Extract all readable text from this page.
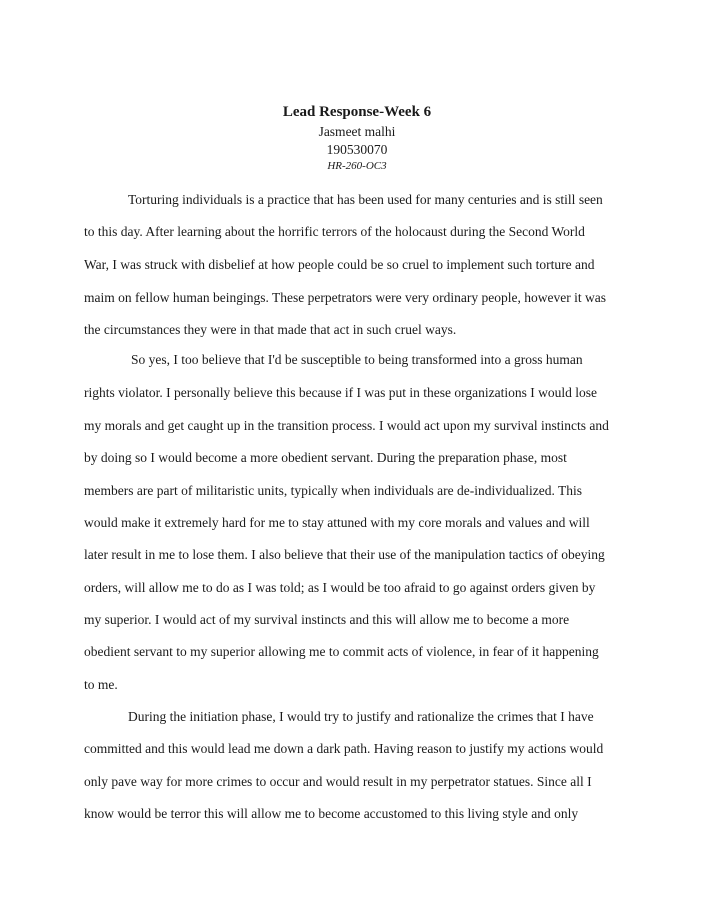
Lead Response-Week 6
Jasmeet malhi
190530070
HR-260-OC3
Torturing individuals is a practice that has been used for many centuries and is still seen
to this day. After learning about the horrific terrors of the holocaust during the Second World
War, I was struck with disbelief at how people could be so cruel to implement such torture and
maim on fellow human beingings. These perpetrators were very ordinary people, however it was
the circumstances they were in that made that act in such cruel ways.
So yes, I too believe that I'd be susceptible to being transformed into a gross human
rights violator. I personally believe this because if I was put in these organizations I would lose
my morals and get caught up in the transition process. I would act upon my survival instincts and
by doing so I would become a more obedient servant. During the preparation phase, most
members are part of militaristic units, typically when individuals are de-individualized. This
would make it extremely hard for me to stay attuned with my core morals and values and will
later result in me to lose them. I also believe that their use of the manipulation tactics of obeying
orders, will allow me to do as I was told; as I would be too afraid to go against orders given by
my superior. I would act of my survival instincts and this will allow me to become a more
obedient servant to my superior allowing me to commit acts of violence, in fear of it happening
to me.
During the initiation phase, I would try to justify and rationalize the crimes that I have
committed and this would lead me down a dark path. Having reason to justify my actions would
only pave way for more crimes to occur and would result in my perpetrator statues. Since all I
know would be terror this will allow me to become accustomed to this living style and only
